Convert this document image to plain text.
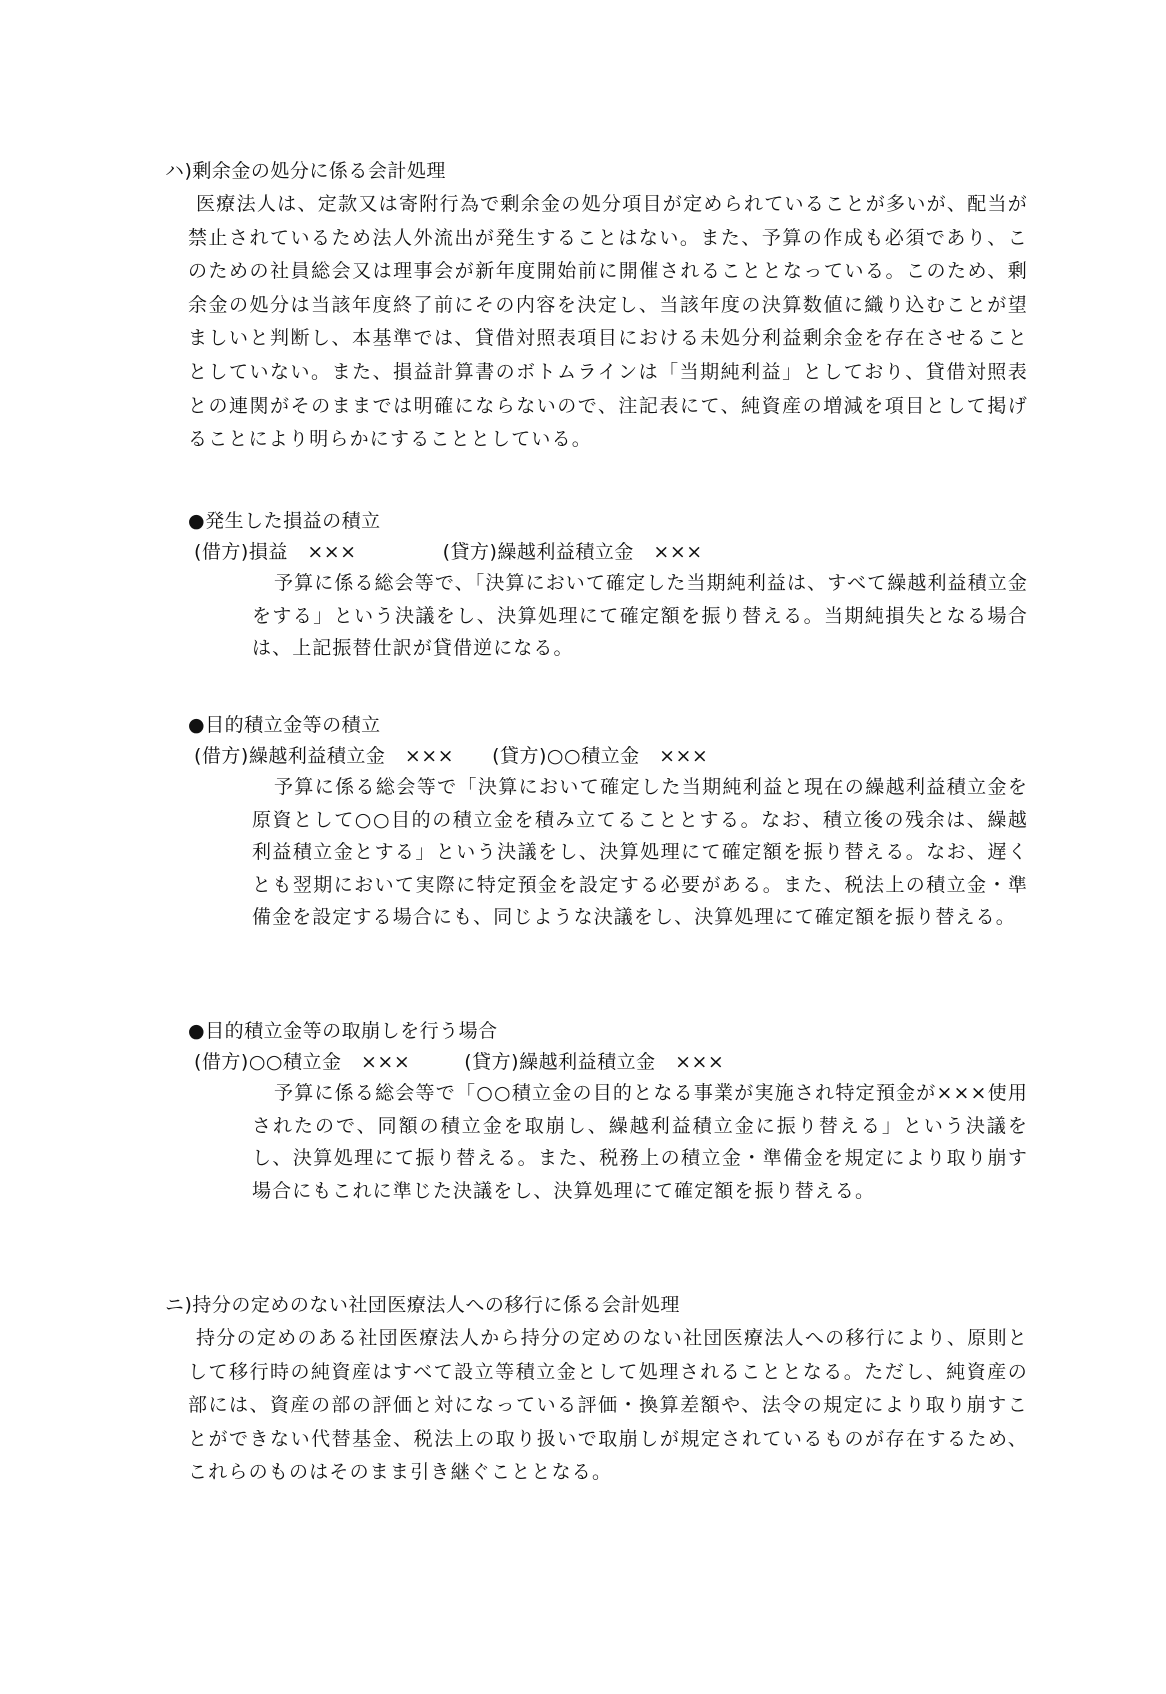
ハ)剰余金の処分に係る会計処理
医療法人は、定款又は寄附行為で剰余金の処分項目が定められていることが多いが、配当が禁止されているため法人外流出が発生することはない。また、予算の作成も必須であり、このための社員総会又は理事会が新年度開始前に開催されることとなっている。このため、剰余金の処分は当該年度終了前にその内容を決定し、当該年度の決算数値に織り込むことが望ましいと判断し、本基準では、貸借対照表項目における未処分利益剰余金を存在させることとしていない。また、損益計算書のボトムラインは「当期純利益」としており、貸借対照表との連関がそのままでは明確にならないので、注記表にて、純資産の増減を項目として掲げることにより明らかにすることとしている。
●発生した損益の積立
(借方)損益　×××	(貸方)繰越利益積立金　×××
予算に係る総会等で、「決算において確定した当期純利益は、すべて繰越利益積立金をする」という決議をし、決算処理にて確定額を振り替える。当期純損失となる場合は、上記振替仕訳が貸借逆になる。
●目的積立金等の積立
(借方)繰越利益積立金　××× (貸方)○○積立金　×××
予算に係る総会等で「決算において確定した当期純利益と現在の繰越利益積立金を原資として○○目的の積立金を積み立てることとする。なお、積立後の残余は、繰越利益積立金とする」という決議をし、決算処理にて確定額を振り替える。なお、遅くとも翌期において実際に特定預金を設定する必要がある。また、税法上の積立金・準備金を設定する場合にも、同じような決議をし、決算処理にて確定額を振り替える。
●目的積立金等の取崩しを行う場合
(借方)○○積立金　×××	(貸方)繰越利益積立金　×××
予算に係る総会等で「○○積立金の目的となる事業が実施され特定預金が×××使用されたので、同額の積立金を取崩し、繰越利益積立金に振り替える」という決議をし、決算処理にて振り替える。また、税務上の積立金・準備金を規定により取り崩す場合にもこれに準じた決議をし、決算処理にて確定額を振り替える。
ニ)持分の定めのない社団医療法人への移行に係る会計処理
持分の定めのある社団医療法人から持分の定めのない社団医療法人への移行により、原則として移行時の純資産はすべて設立等積立金として処理されることとなる。ただし、純資産の部には、資産の部の評価と対になっている評価・換算差額や、法令の規定により取り崩すことができない代替基金、税法上の取り扱いで取崩しが規定されているものが存在するため、これらのものはそのまま引き継ぐこととなる。
